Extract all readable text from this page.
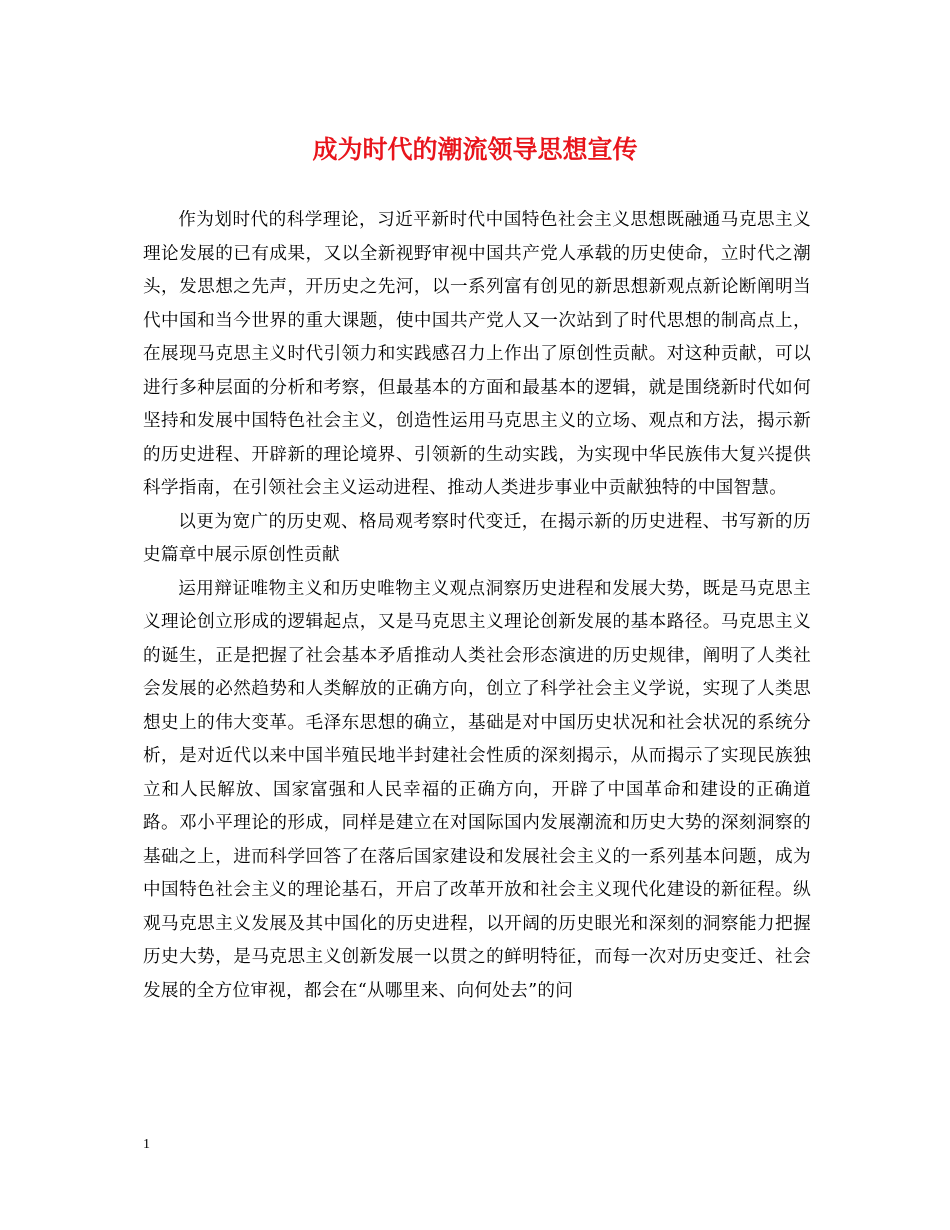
成为时代的潮流领导思想宣传

作为划时代的科学理论，习近平新时代中国特色社会主义思想既融通马克思主义理论发展的已有成果，又以全新视野审视中国共产党人承载的历史使命，立时代之潮头，发思想之先声，开历史之先河，以一系列富有创见的新思想新观点新论断阐明当代中国和当今世界的重大课题，使中国共产党人又一次站到了时代思想的制高点上，在展现马克思主义时代引领力和实践感召力上作出了原创性贡献。对这种贡献，可以进行多种层面的分析和考察，但最基本的方面和最基本的逻辑，就是围绕新时代如何坚持和发展中国特色社会主义，创造性运用马克思主义的立场、观点和方法，揭示新的历史进程、开辟新的理论境界、引领新的生动实践，为实现中华民族伟大复兴提供科学指南，在引领社会主义运动进程、推动人类进步事业中贡献独特的中国智慧。

以更为宽广的历史观、格局观考察时代变迁，在揭示新的历史进程、书写新的历史篇章中展示原创性贡献

运用辩证唯物主义和历史唯物主义观点洞察历史进程和发展大势，既是马克思主义理论创立形成的逻辑起点，又是马克思主义理论创新发展的基本路径。马克思主义的诞生，正是把握了社会基本矛盾推动人类社会形态演进的历史规律，阐明了人类社会发展的必然趋势和人类解放的正确方向，创立了科学社会主义学说，实现了人类思想史上的伟大变革。毛泽东思想的确立，基础是对中国历史状况和社会状况的系统分析，是对近代以来中国半殖民地半封建社会性质的深刻揭示，从而揭示了实现民族独立和人民解放、国家富强和人民幸福的正确方向，开辟了中国革命和建设的正确道路。邓小平理论的形成，同样是建立在对国际国内发展潮流和历史大势的深刻洞察的基础之上，进而科学回答了在落后国家建设和发展社会主义的一系列基本问题，成为中国特色社会主义的理论基石，开启了改革开放和社会主义现代化建设的新征程。纵观马克思主义发展及其中国化的历史进程，以开阔的历史眼光和深刻的洞察能力把握历史大势，是马克思主义创新发展一以贯之的鲜明特征，而每一次对历史变迁、社会发展的全方位审视，都会在“从哪里来、向何处去”的问

1
